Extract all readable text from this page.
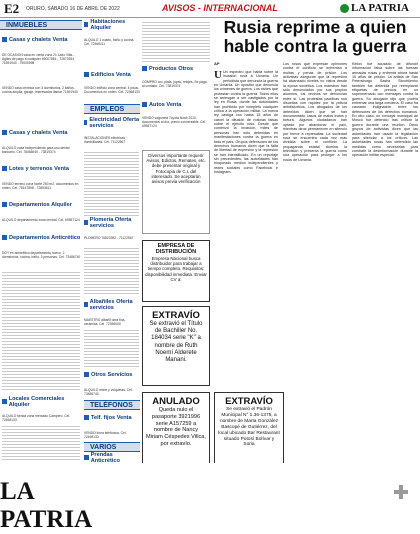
E2 ORURO, SÁBADO 16 DE ABRIL DE 2022	AVISOS - INTERNACIONAL	LA PATRIA
INMUEBLES
Casas y chalets Venta
DE OCASION casa en venta zona 21 Lado Villa... Agiles de pago a cualquier 69007854 - 72870354 71691940 - 79000998
VENDO casa céntrica con 3 dormitorios, 2 baños, cocina amplia, garaje. Interesados llamar 71691940
Casas y chalets Venta
ALQUILO casa independiente para uso dental bancario. Cel. 78466040 - 73819374
Lotes y terrenos Venta
VENDO terreno zona Norte 250 m2, documentos en orden. Cel. 76147898 - 72853611
Departamentos Alquiler
ALQUILO departamento zona central. Cel. 69557124
Departamentos Anticrético
DOY en anticrético departamento nuevo, 2 dormitorios, cocina, baño. 3 personas. Cel. 73486740
Locales Comerciales Alquiler
ALQUILO tienda zona mercado Campero. Cel. 72468133
Habitaciones Alquiler
ALQUILO 1 cuarto, baño y cocina. Cel. 72468111
Edificios Venta
VENDO edificio zona central, 4 pisos. Documentos en orden. Cel. 72468133
EMPLEOS
Electricidad Oferta servicios
INSTALACIONES eléctricas domiciliarias. Cel. 71122567
Plomería Oferta servicios
PLOMERO 76823392 - 71122567
Albañiles Oferta servicios
MAESTRO albañil obra fina, cerámica. Cel. 72356000
Otros Servicios
ALQUILO mixer y volquetas. Cel. 73486740
TELÉFONOS
Telf. fijos Venta
VENDO línea telefónica. Cel. 72468133
VARIOS
Prendas Anticrético
Productos Otros
COMPRO oro, plata, joyas, relojes. Se paga al contado. Cel. 73819374
Autos Venta
VENDO vagoneta Toyota Noah 2010, documentos al día, precio conversable. Cel. 69557124
Diversos importante requerir Avisos, Edictos, Remates, etc. debe presentar original y Fotocopia de C.I. del interesado. Se aceptarán avisos previa verificación
EMPRESA DE DISTRIBUCIÓN
Empresa Nacional busca distribuidor para trabajar a tiempo completo. Requisitos: disponibilidad inmediata. Enviar CV a:
EXTRAVÍO
Se extravió el Título de Bachiller No. 184034 serie "K" a nombre de Ruth Noemí Alderete Manani.
ANULADO
Queda nulo el pasaporte 3921996 serie A157259 a nombre de Nancy Miriam Céspedes Villca, por extravío.
EXTRAVÍO
Se extravió el Padrón Municipal N° 1.36-1375, a nombre de Marta González Bascopé de Gutiérrez, del local ubicado Bar Restaurant situado Potosí Bolívar y Soria
Rusia reprime a quien hable contra la guerra
AP
U Un espectro que habla sobre la invasión rusa a Ucrania. Un periodista que denuncia la guerra en Ucrania. Un opositor que denuncia los crímenes de guerra. Los civiles que protestan contra la guerra. Todos ellos se arriesgan a ser castigados por la ley en Rusia, donde las autoridades han prohibido por completo cualquier crítica a la operación militar. La nueva ley castiga con hasta 15 años de cárcel la difusión de noticias falsas sobre el ejército ruso. Desde que comenzó la invasión, miles de personas han sido detenidas en manifestaciones contra la guerra en todo el país. Grupos defensores de los derechos humanos dicen que la falta de libertad de expresión y la represión se han intensificado. En un reportaje sin precedentes, las autoridades han bloqueado medios independientes y redes sociales como Facebook e Instagram.
Los rusos que expresan opiniones contra el conflicto se enfrentan a multas y penas de prisión. Los activistas aseguran que la represión ha alcanzado niveles no vistos desde la época soviética. Los maestros han sido denunciados por sus propios alumnos, los vecinos se denuncian entre sí. Las protestas pacíficas son disueltas con rapidez por la policía antidisturbios. Los abogados de los detenidos dicen que se han documentado casos de malos tratos y tortura. Algunos ciudadanos han optado por abandonar el país, mientras otros permanecen en silencio por temor a represalias. La sociedad rusa se encuentra cada vez más dividida sobre el conflicto. La propaganda estatal domina la televisión y presenta la guerra como una operación para proteger a los rusos de Ucrania.
Kirilov fue acusado de difundir información falsa sobre las fuerzas armadas rusas y enfrenta ahora hasta 10 años de prisión. La artista de San Petersburgo Sasha Skochilenko también fue detenida por reemplazar etiquetas de precios en un supermercado con mensajes contra la guerra. Su abogado dijo que podría enfrentar una larga condena. El caso ha causado indignación entre los defensores de los derechos humanos. En otro caso, un concejal municipal de Moscú fue detenido tras criticar la guerra durante una reunión. Otros grupos de activistas dicen que las autoridades han usado la legislación para silenciar a los críticos. Las autoridades rusas han defendido las medidas como necesarias para combatir la desinformación durante la operación militar especial.
LA PATRIA
